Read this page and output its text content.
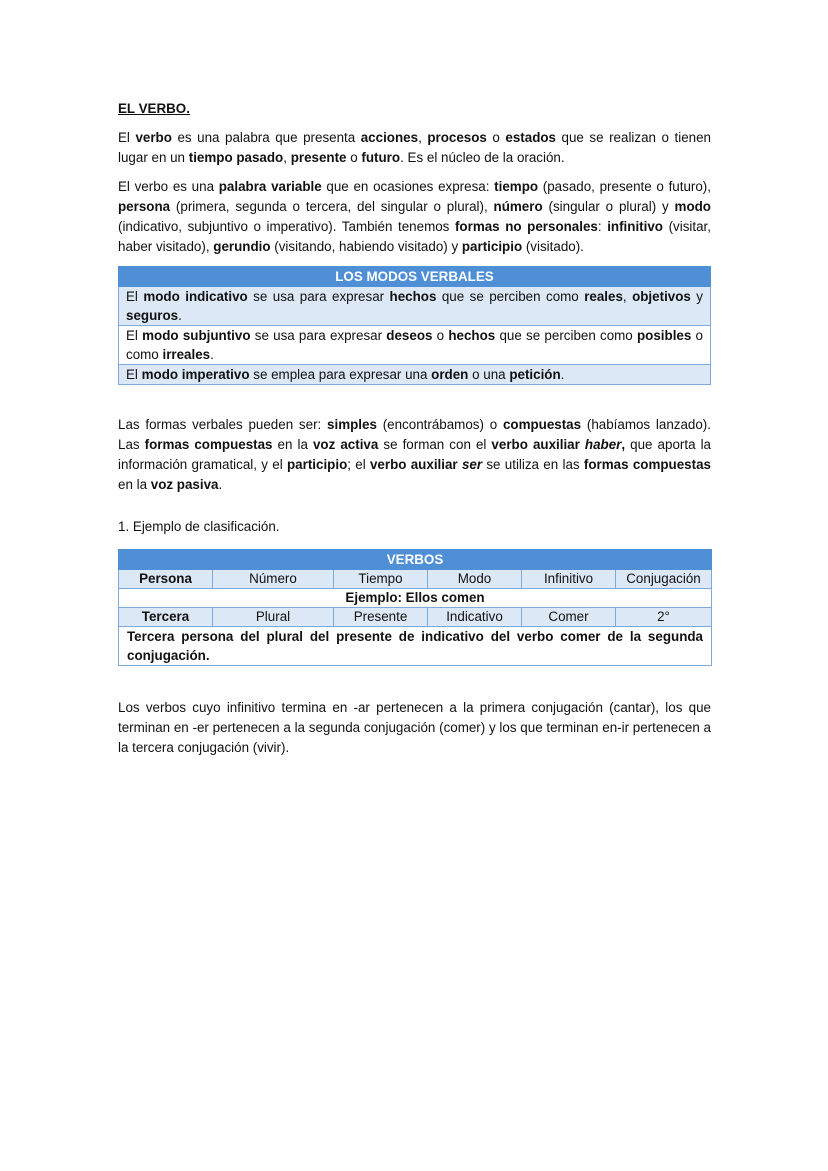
EL VERBO.

El verbo es una palabra que presenta acciones, procesos o estados que se realizan o tienen lugar en un tiempo pasado, presente o futuro. Es el núcleo de la oración.

El verbo es una palabra variable que en ocasiones expresa: tiempo (pasado, presente o futuro), persona (primera, segunda o tercera, del singular o plural), número (singular o plural) y modo (indicativo, subjuntivo o imperativo). También tenemos formas no personales: infinitivo (visitar, haber visitado), gerundio (visitando, habiendo visitado) y participio (visitado).

LOS MODOS VERBALES
El modo indicativo se usa para expresar hechos que se perciben como reales, objetivos y seguros.
El modo subjuntivo se usa para expresar deseos o hechos que se perciben como posibles o como irreales.
El modo imperativo se emplea para expresar una orden o una petición.

Las formas verbales pueden ser: simples (encontrábamos) o compuestas (habíamos lanzado). Las formas compuestas en la voz activa se forman con el verbo auxiliar haber, que aporta la información gramatical, y el participio; el verbo auxiliar ser se utiliza en las formas compuestas en la voz pasiva.

1. Ejemplo de clasificación.

VERBOS					
Persona	Número	Tiempo	Modo	Infinitivo	Conjugación
Ejemplo: Ellos comen					
Tercera	Plural	Presente	Indicativo	Comer	2°
Tercera persona del plural del presente de indicativo del verbo comer de la segunda conjugación.					

Los verbos cuyo infinitivo termina en -ar pertenecen a la primera conjugación (cantar), los que terminan en -er pertenecen a la segunda conjugación (comer) y los que terminan en-ir pertenecen a la tercera conjugación (vivir).
